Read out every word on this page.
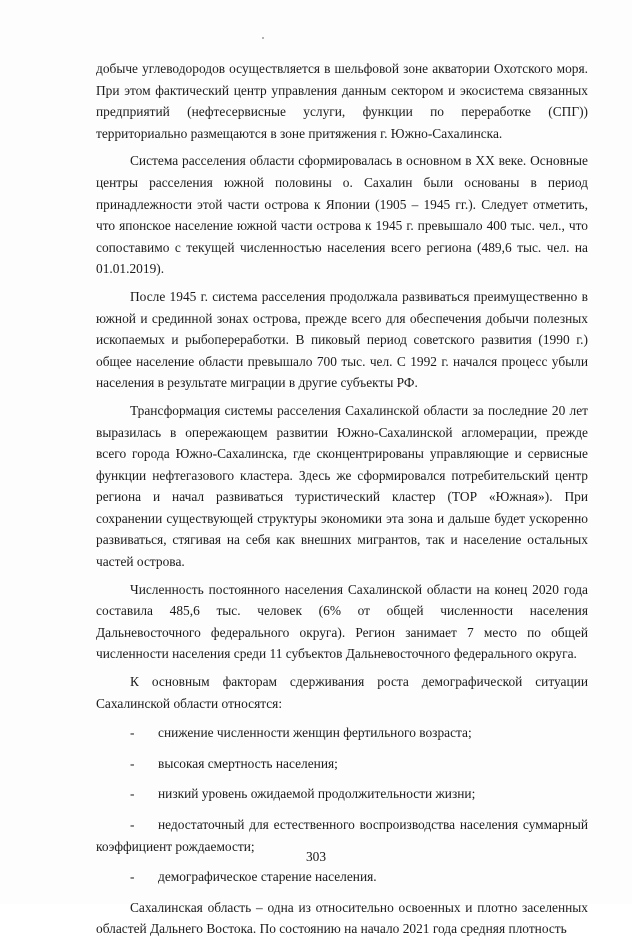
добыче углеводородов осуществляется в шельфовой зоне акватории Охотского моря. При этом фактический центр управления данным сектором и экосистема связанных предприятий (нефтесервисные услуги, функции по переработке (СПГ)) территориально размещаются в зоне притяжения г. Южно-Сахалинска.

Система расселения области сформировалась в основном в XX веке. Основные центры расселения южной половины о. Сахалин были основаны в период принадлежности этой части острова к Японии (1905 – 1945 гг.). Следует отметить, что японское население южной части острова к 1945 г. превышало 400 тыс. чел., что сопоставимо с текущей численностью населения всего региона (489,6 тыс. чел. на 01.01.2019).

После 1945 г. система расселения продолжала развиваться преимущественно в южной и срединной зонах острова, прежде всего для обеспечения добычи полезных ископаемых и рыбопереработки. В пиковый период советского развития (1990 г.) общее население области превышало 700 тыс. чел. С 1992 г. начался процесс убыли населения в результате миграции в другие субъекты РФ.

Трансформация системы расселения Сахалинской области за последние 20 лет выразилась в опережающем развитии Южно-Сахалинской агломерации, прежде всего города Южно-Сахалинска, где сконцентрированы управляющие и сервисные функции нефтегазового кластера. Здесь же сформировался потребительский центр региона и начал развиваться туристический кластер (ТОР «Южная»). При сохранении существующей структуры экономики эта зона и дальше будет ускоренно развиваться, стягивая на себя как внешних мигрантов, так и население остальных частей острова.

Численность постоянного населения Сахалинской области на конец 2020 года составила 485,6 тыс. человек (6% от общей численности населения Дальневосточного федерального округа). Регион занимает 7 место по общей численности населения среди 11 субъектов Дальневосточного федерального округа.

К основным факторам сдерживания роста демографической ситуации Сахалинской области относятся:

- снижение численности женщин фертильного возраста;
- высокая смертность населения;
- низкий уровень ожидаемой продолжительности жизни;
- недостаточный для естественного воспроизводства населения суммарный коэффициент рождаемости;
- демографическое старение населения.

Сахалинская область – одна из относительно освоенных и плотно заселенных областей Дальнего Востока. По состоянию на начало 2021 года средняя плотность

303
